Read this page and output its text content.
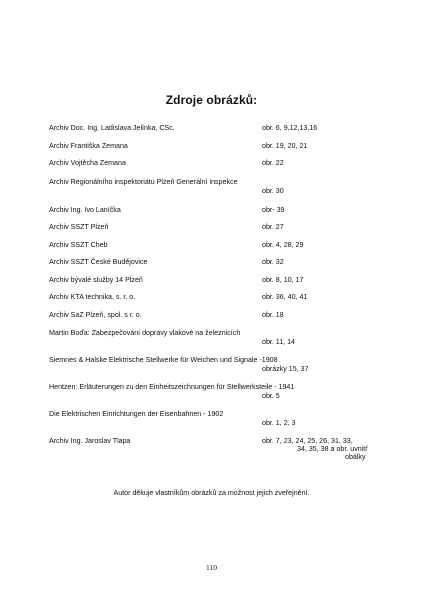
Zdroje obrázků:
Archiv Doc. Ing. Ladislava Jelínka, CSc.	obr. 6, 9,12,13,16
Archiv Františka Zemana	obr. 19, 20, 21
Archiv Vojtěcha Zemana	obr. 22
Archiv Regionálního inspektoriátu Plzeň Generální inspekce
obr. 30
Archiv Ing. Ivo Laníčka	obr- 39
Archiv SSZT Plzeň	obr. 27
Archiv SSZT Cheb	obr. 4, 28, 29
Archiv SSZT České Budějovice	obr. 32
Archiv bývalé služby 14 Plzeň	obr. 8, 10, 17
Archiv KTA technika, s. r. o.	obr. 36, 40, 41
Archiv SaZ Plzeň, spol. s r. o.	obr. 18
Martin Boďa: Zabezpečování dopravy vlakové na železnicích
obr. 11, 14
Siemnes & Halske Elektrische Stellwerke für Weichen und Signale -1908
obrázky 15, 37
Hentzen: Erläuterungen zu den Einheitszeichnungen für Stellwerksteile - 1941
obr. 5
Die Elektrischen Einrichtungen der Eisenbahnen - 1902
obr. 1, 2, 3
Archiv Ing. Jaroslav Tlapa	obr. 7, 23, 24, 25, 26, 31, 33,
34, 35, 38 a obr. uvnitř
obálky
Autor děkuje vlastníkům obrázků za možnost jejich zveřejnění.
110
